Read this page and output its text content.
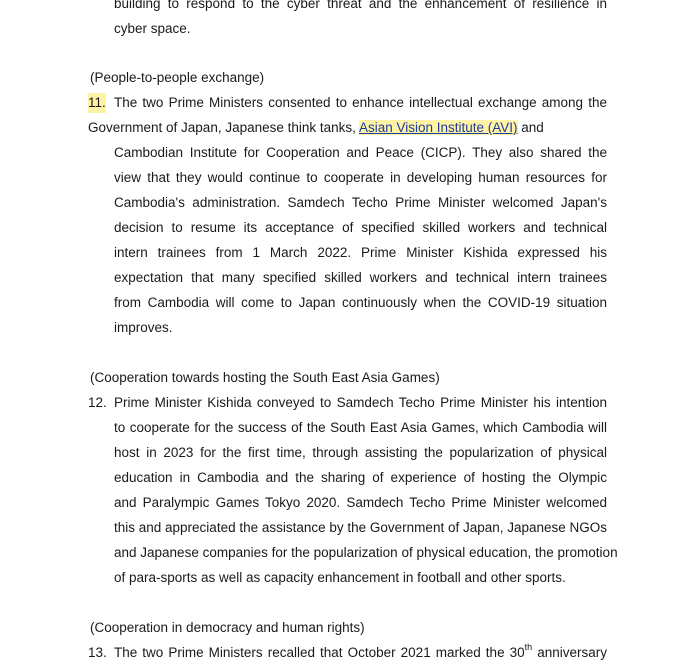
building to respond to the cyber threat and the enhancement of resilience in
cyber space.
(People-to-people exchange)
11. The two Prime Ministers consented to enhance intellectual exchange among the
Government of Japan, Japanese think tanks, Asian Vision Institute (AVI) and
Cambodian Institute for Cooperation and Peace (CICP). They also shared the
view that they would continue to cooperate in developing human resources for
Cambodia's administration. Samdech Techo Prime Minister welcomed Japan's
decision to resume its acceptance of specified skilled workers and technical
intern trainees from 1 March 2022. Prime Minister Kishida expressed his
expectation that many specified skilled workers and technical intern trainees
from Cambodia will come to Japan continuously when the COVID-19 situation
improves.
(Cooperation towards hosting the South East Asia Games)
12. Prime Minister Kishida conveyed to Samdech Techo Prime Minister his intention
to cooperate for the success of the South East Asia Games, which Cambodia will
host in 2023 for the first time, through assisting the popularization of physical
education in Cambodia and the sharing of experience of hosting the Olympic
and Paralympic Games Tokyo 2020. Samdech Techo Prime Minister welcomed
this and appreciated the assistance by the Government of Japan, Japanese NGOs
and Japanese companies for the popularization of physical education, the promotion
of para-sports as well as capacity enhancement in football and other sports.
(Cooperation in democracy and human rights)
13. The two Prime Ministers recalled that October 2021 marked the 30th anniversary
